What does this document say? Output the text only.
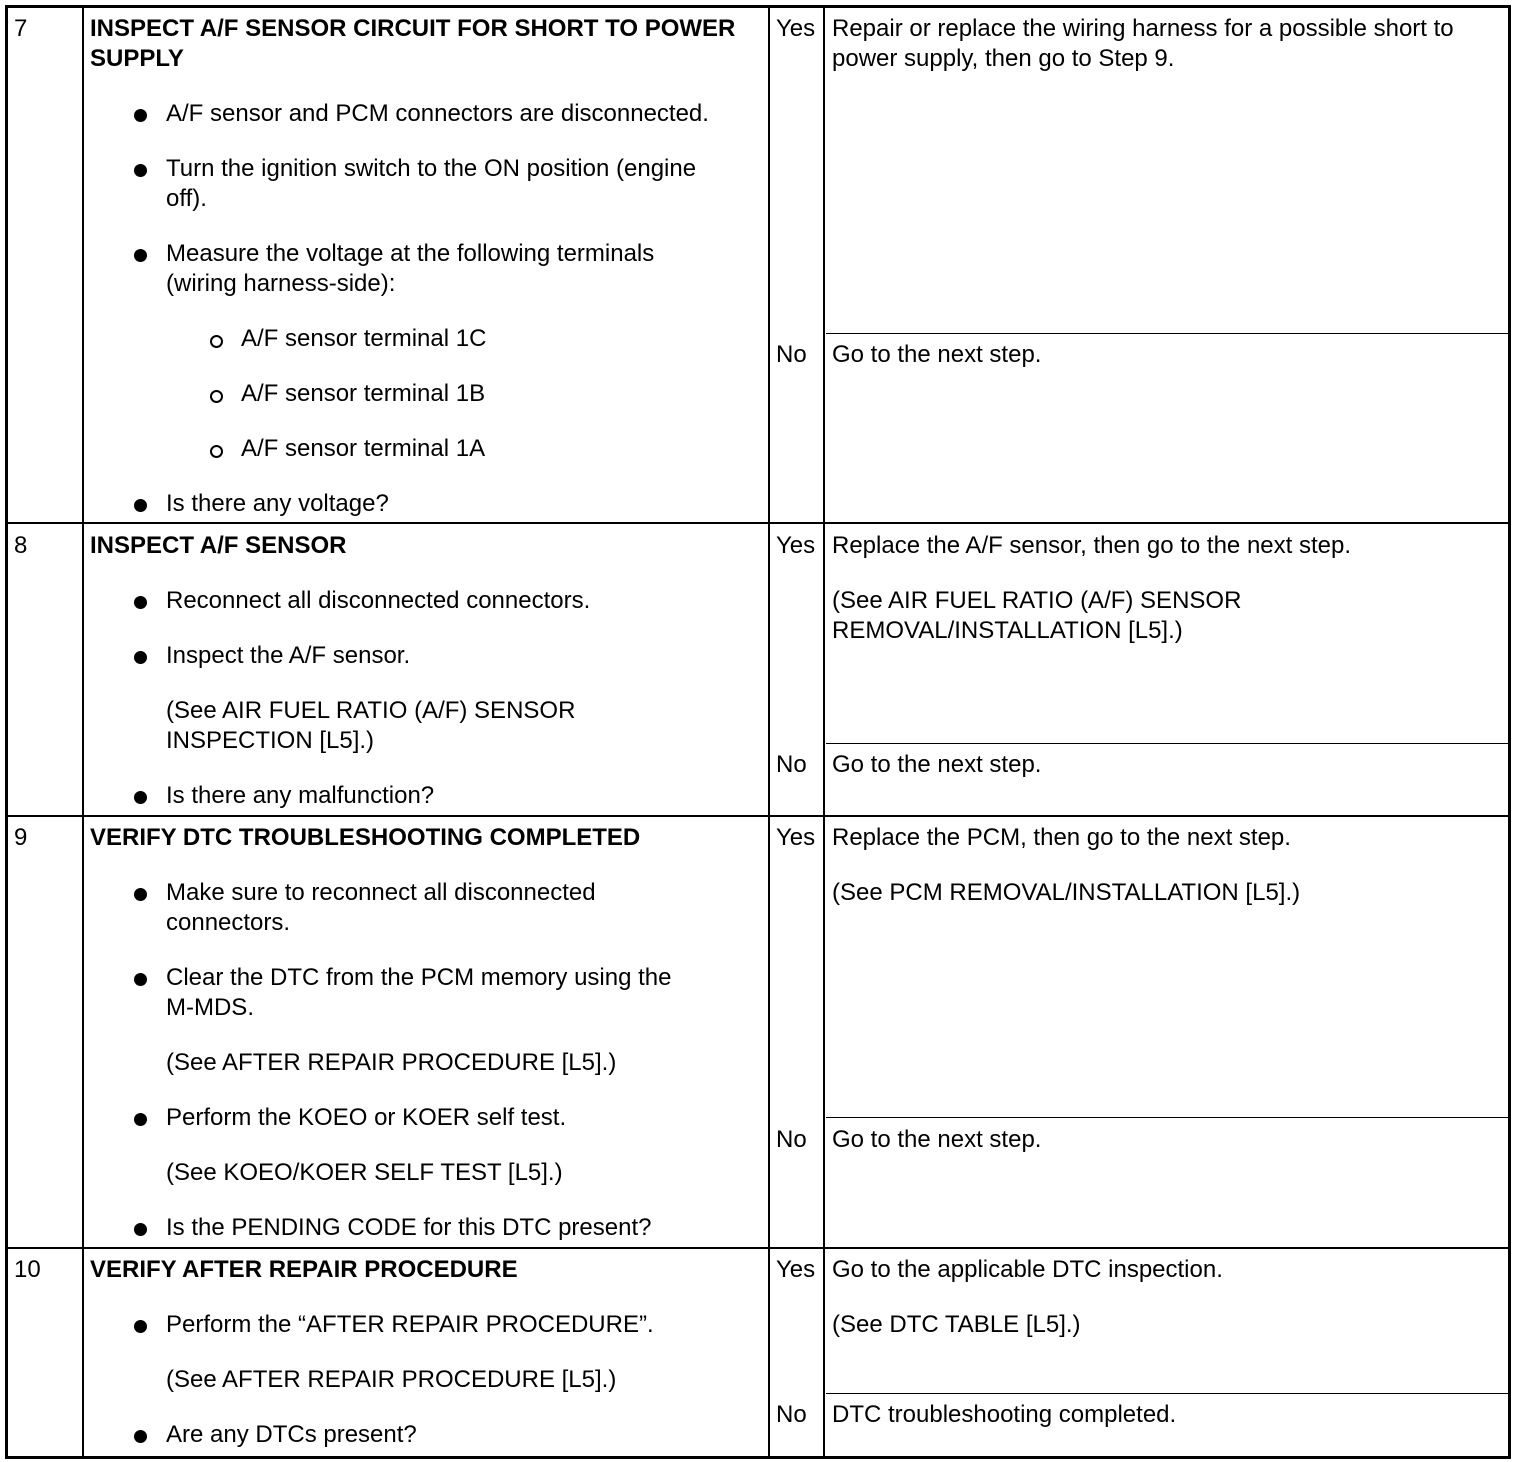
7	INSPECT A/F SENSOR CIRCUIT FOR SHORT TO POWER
SUPPLY
A/F sensor and PCM connectors are disconnected.
Turn the ignition switch to the ON position (engine
off).
Measure the voltage at the following terminals
(wiring harness-side):
A/F sensor terminal 1C
A/F sensor terminal 1B
A/F sensor terminal 1A
Is there any voltage?
Yes Repair or replace the wiring harness for a possible short to
power supply, then go to Step 9.
No Go to the next step.
8	INSPECT A/F SENSOR
Reconnect all disconnected connectors.
Inspect the A/F sensor.
(See AIR FUEL RATIO (A/F) SENSOR
INSPECTION [L5].)
Is there any malfunction?
Yes Replace the A/F sensor, then go to the next step.
(See AIR FUEL RATIO (A/F) SENSOR
REMOVAL/INSTALLATION [L5].)
No Go to the next step.
9	VERIFY DTC TROUBLESHOOTING COMPLETED
Make sure to reconnect all disconnected
connectors.
Clear the DTC from the PCM memory using the
M-MDS.
(See AFTER REPAIR PROCEDURE [L5].)
Perform the KOEO or KOER self test.
(See KOEO/KOER SELF TEST [L5].)
Is the PENDING CODE for this DTC present?
Yes Replace the PCM, then go to the next step.
(See PCM REMOVAL/INSTALLATION [L5].)
No Go to the next step.
10 VERIFY AFTER REPAIR PROCEDURE
Perform the “AFTER REPAIR PROCEDURE”.
(See AFTER REPAIR PROCEDURE [L5].)
Are any DTCs present?
Yes Go to the applicable DTC inspection.
(See DTC TABLE [L5].)
No DTC troubleshooting completed.
